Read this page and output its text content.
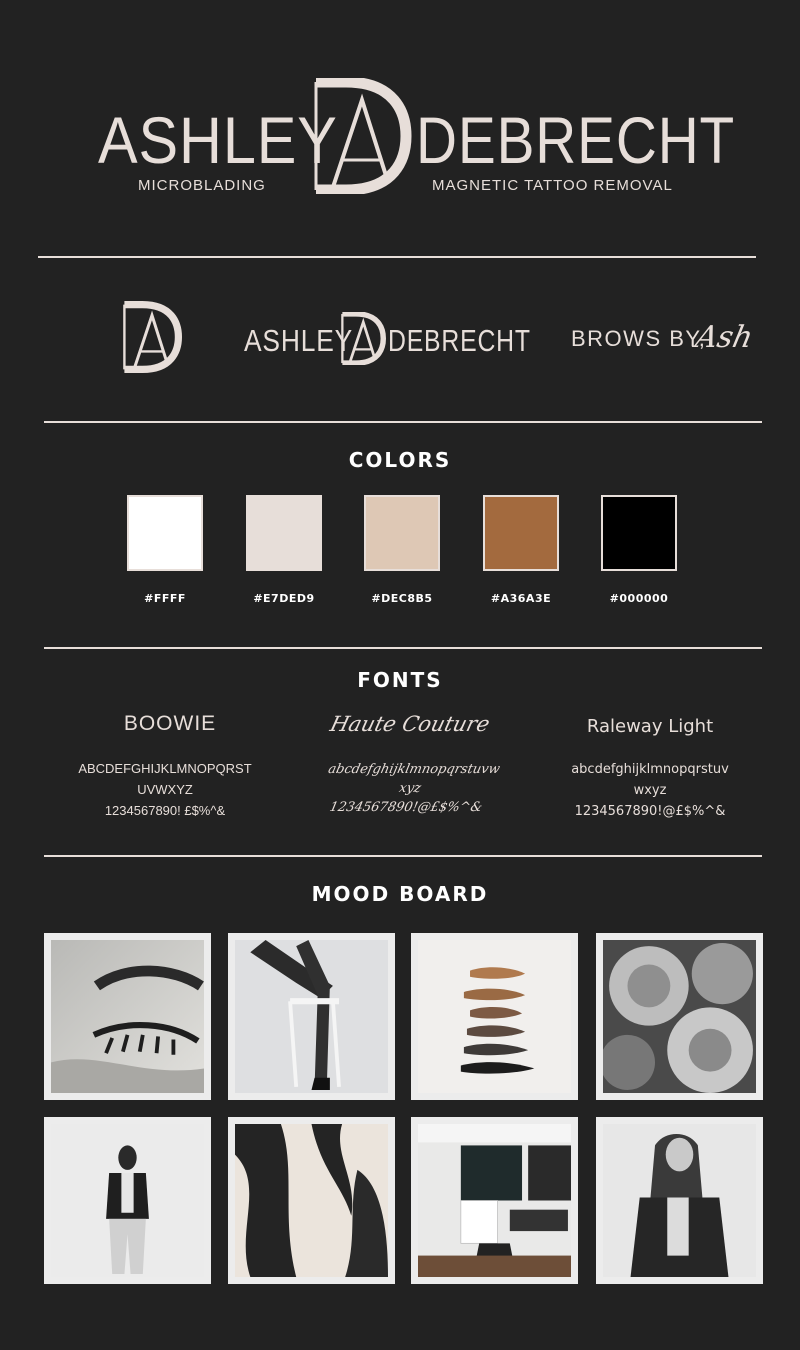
ASHLEY DEBRECHT
MICROBLADING	MAGNETIC TATTOO REMOVAL
ASHLEY DEBRECHT BROWS BY,
Ash
COLORS
#FFFF	#E7DED9	#DEC8B5	#A36A3E	#000000
FONTS
BOOWIE
ABCDEFGHIJKLMNOPQRST
UVWXYZ
1234567890! £$%^&
Haute Couture
abcdefghijklmnopqrstuvw
xyz
1234567890!@£$%^&
Raleway Light
abcdefghijklmnopqrstuv
wxyz
1234567890!@£$%^&
MOOD BOARD
